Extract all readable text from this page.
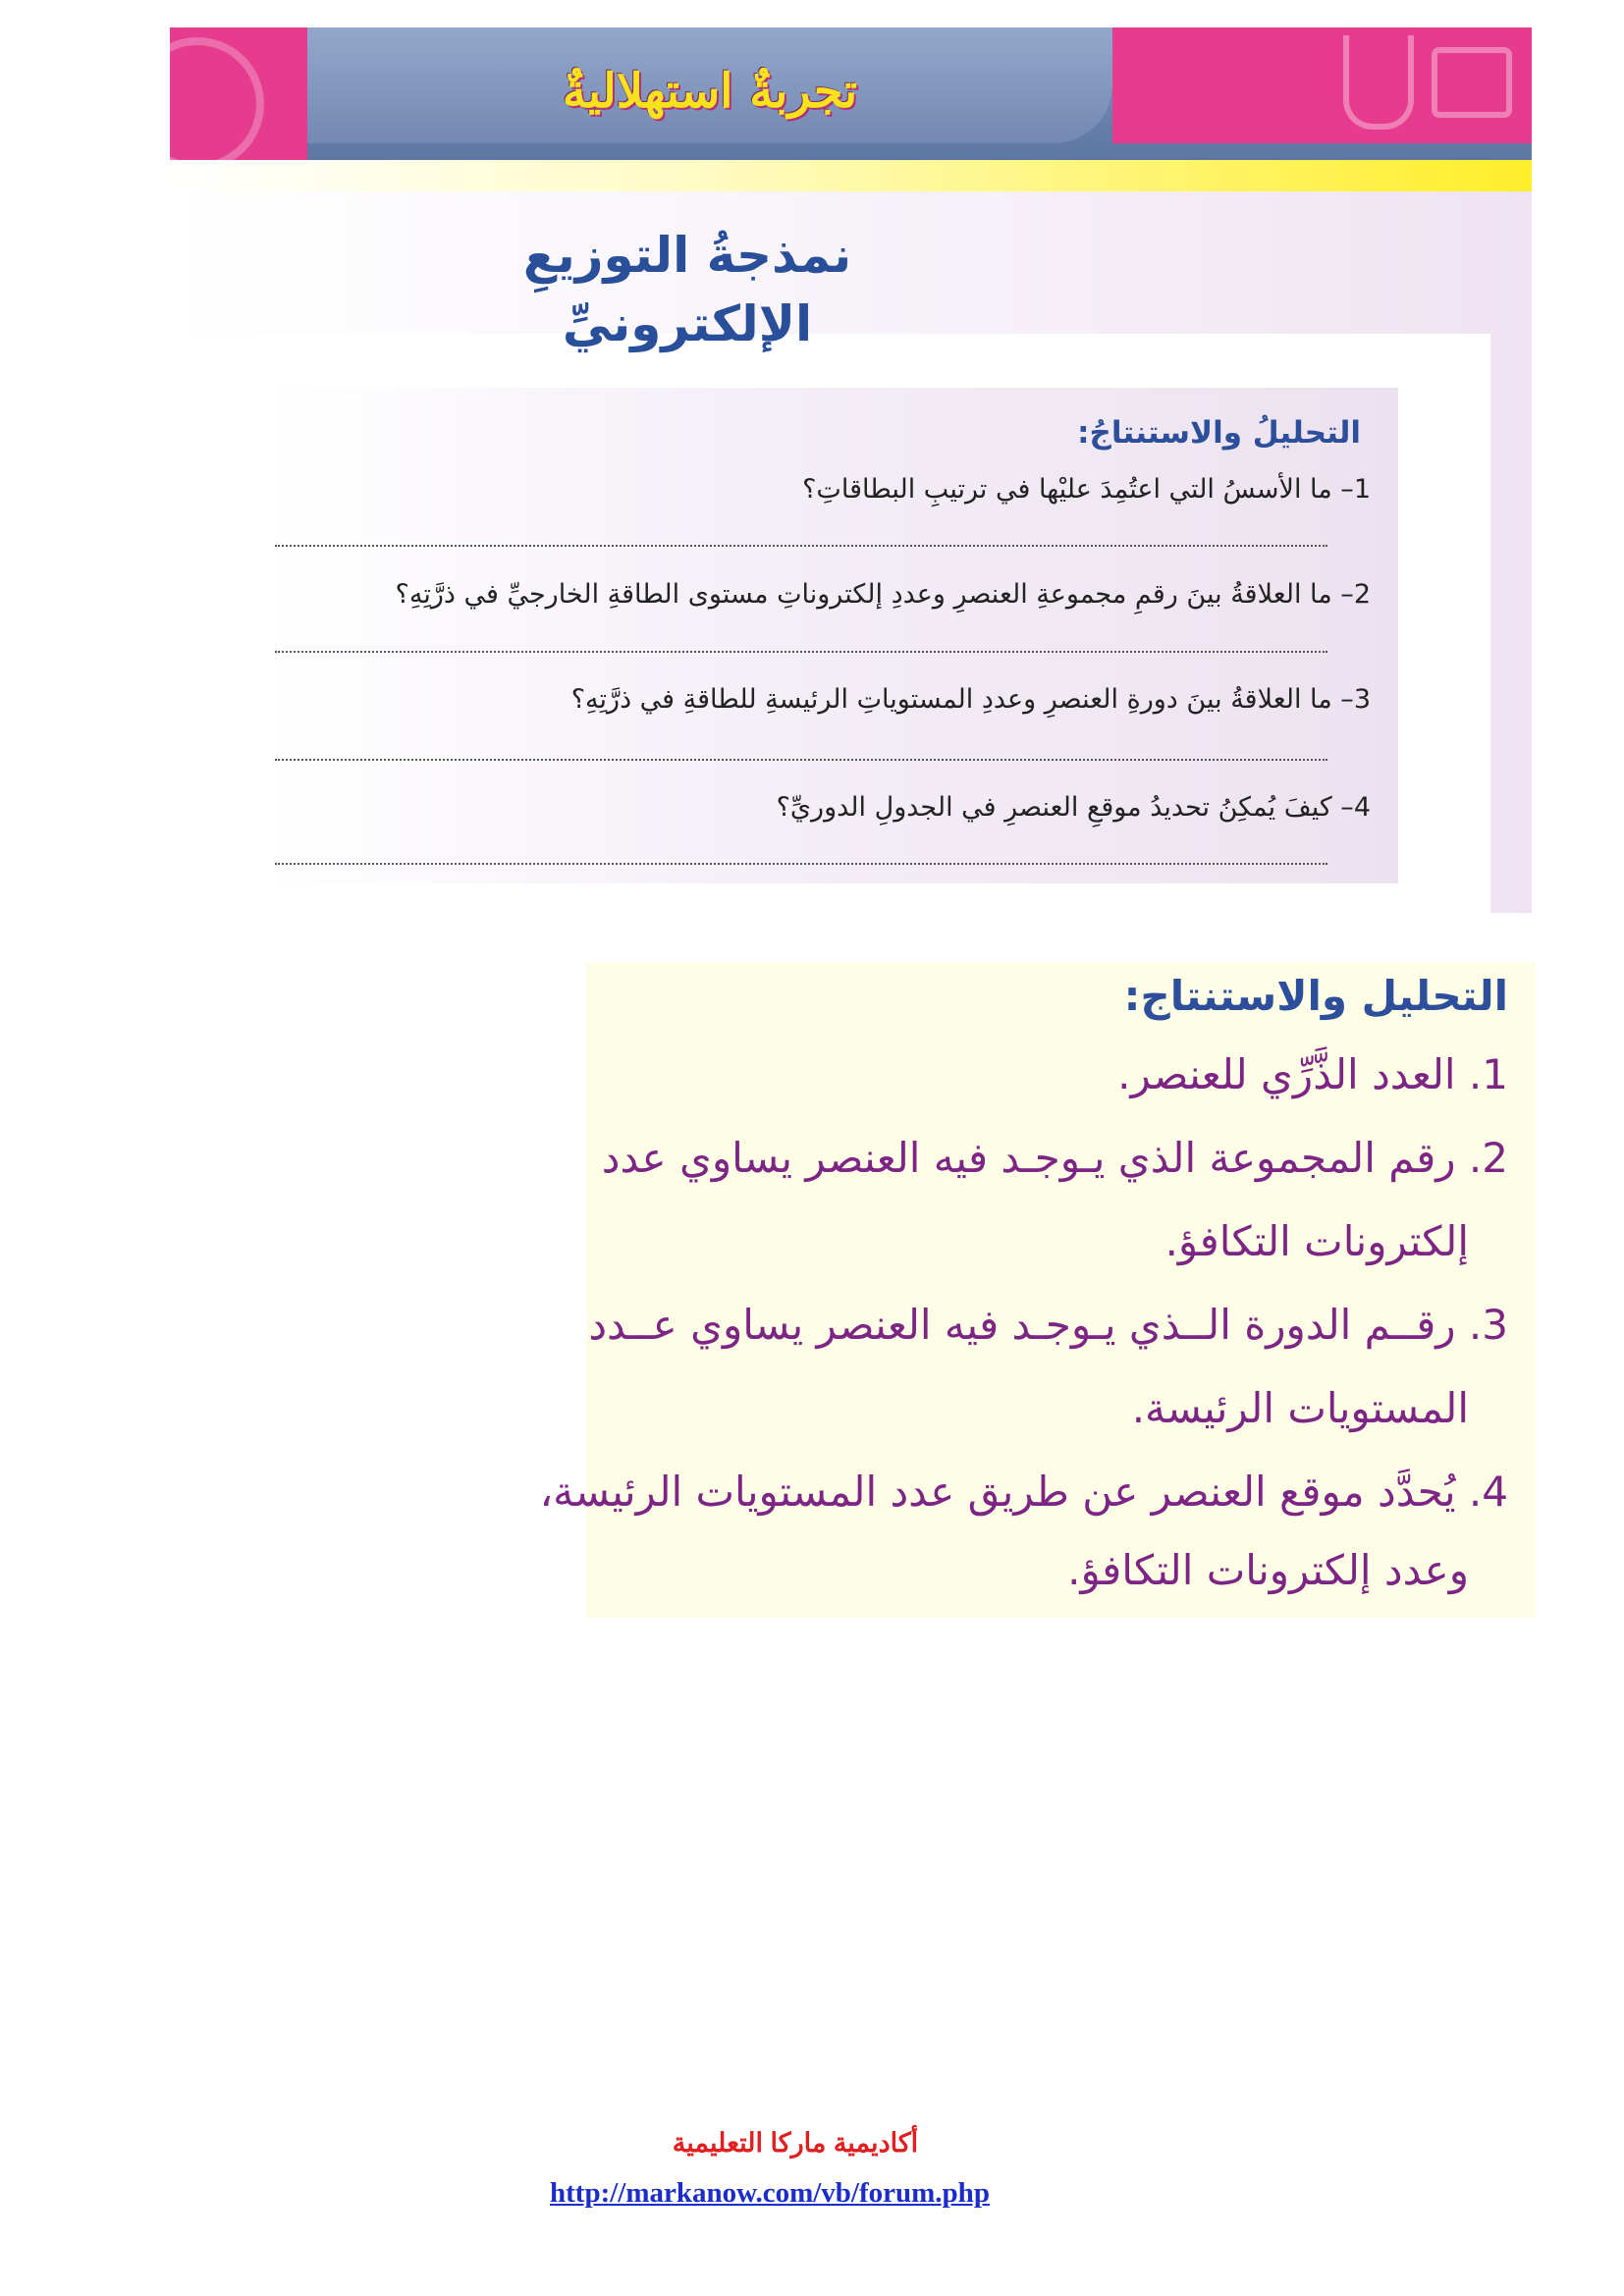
تجربةٌ استهلاليةٌ
نمذجةُ التوزيعِ الإلكترونيِّ
التحليلُ والاستنتاجُ:
1– ما الأسسُ التي اعتُمِدَ عليْها في ترتيبِ البطاقاتِ؟
2– ما العلاقةُ بينَ رقمِ مجموعةِ العنصرِ وعددِ إلكتروناتِ مستوى الطاقةِ الخارجيِّ في ذرَّتِهِ؟
3– ما العلاقةُ بينَ دورةِ العنصرِ وعددِ المستوياتِ الرئيسةِ للطاقةِ في ذرَّتِهِ؟
4– كيفَ يُمكِنُ تحديدُ موقعِ العنصرِ في الجدولِ الدوريِّ؟
التحليل والاستنتاج:
1. العدد الذَّرِّي للعنصر.
2. رقم المجموعة الذي يـوجـد فيه العنصر يساوي عدد
إلكترونات التكافؤ.
3. رقــم الدورة الــذي يـوجـد فيه العنصر يساوي عــدد
المستويات الرئيسة.
4. يُحدَّد موقع العنصر عن طريق عدد المستويات الرئيسة،
وعدد إلكترونات التكافؤ.
أكاديمية ماركا التعليمية
http://markanow.com/vb/forum.php
